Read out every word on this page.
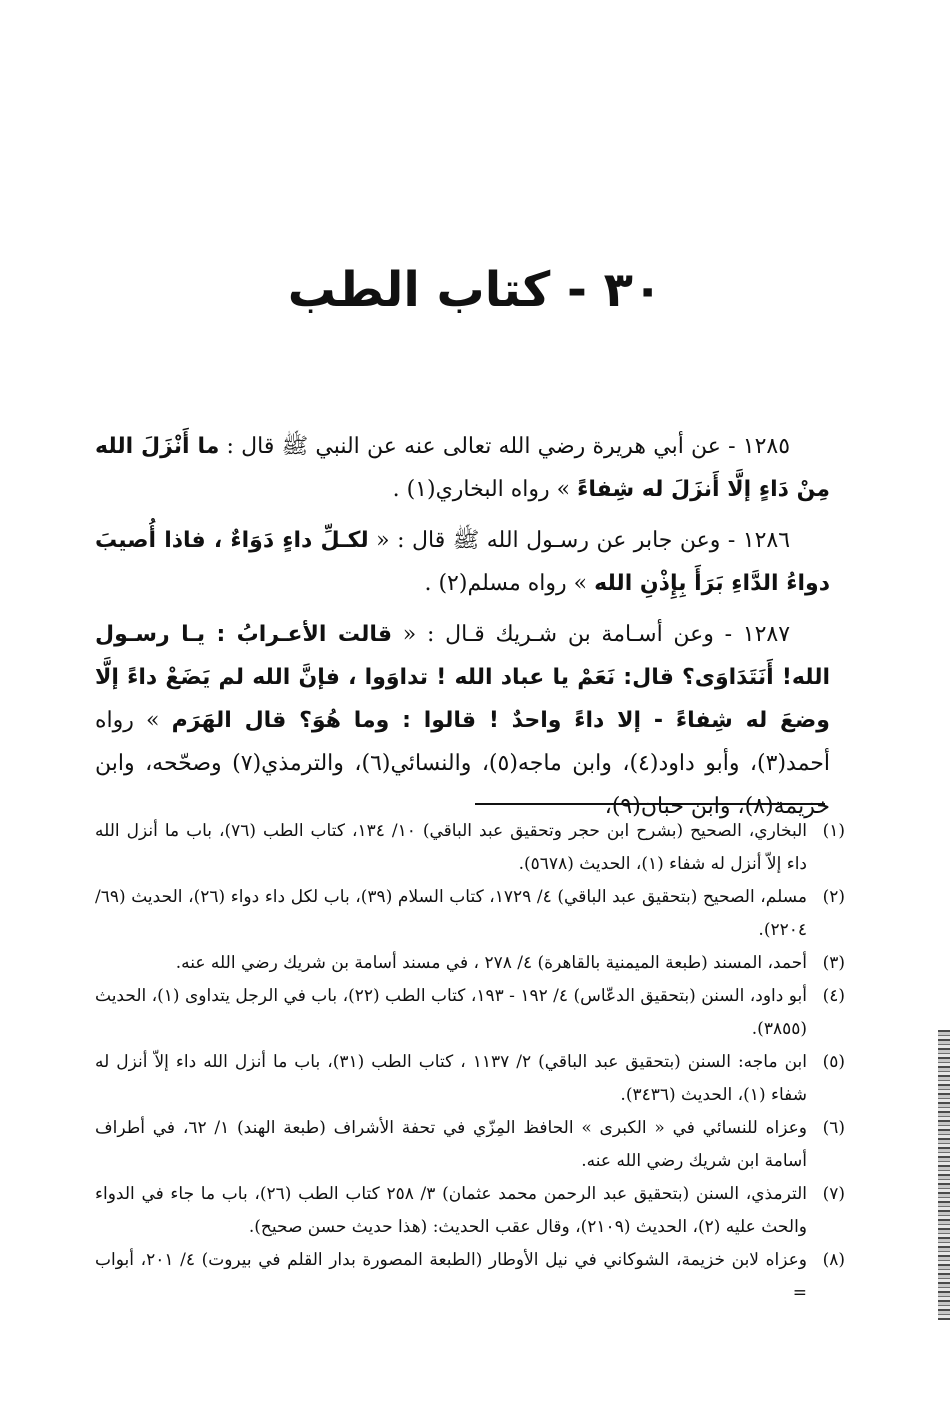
٣٠ - كتاب الطب

١٢٨٥ - عن أبي هريرة رضي الله تعالى عنه عن النبي ﷺ قال : ما أَنْزَلَ الله مِنْ دَاءٍ إلَّا أَنزَلَ له شِفاءً » رواه البخاري(١) .

١٢٨٦ - وعن جابر عن رسـول الله ﷺ قال : « لكـلِّ داءٍ دَوَاءٌ ، فاذا أُصيبَ دواءُ الدَّاءِ بَرَأَ بِإِذْنِ الله » رواه مسلم(٢) .

١٢٨٧ - وعن أسـامة بن شـريك قـال : « قالت الأعـرابُ : يـا رسـول الله! أَنَتَدَاوَى؟ قال: نَعَمْ يا عباد الله ! تداوَوا ، فإنَّ الله لم يَضَعْ داءً إلَّا وضعَ له شِفاءً - إلا داءً واحدٌ ! قالوا : وما هُوَ؟ قال الهَرَم » رواه أحمد(٣)، وأبو داود(٤)، وابن ماجه(٥)، والنسائي(٦)، والترمذي(٧) وصحّحه، وابن خزيمة(٨)، وابن حبان(٩)،

(١)
البخاري، الصحيح (بشرح ابن حجر وتحقيق عبد الباقي) ١٠/ ١٣٤، كتاب الطب (٧٦)، باب ما أنزل الله داء إلاّ أنزل له شفاء (١)، الحديث (٥٦٧٨).
(٢)
مسلم، الصحيح (بتحقيق عبد الباقي) ٤/ ١٧٢٩، كتاب السلام (٣٩)، باب لكل داء دواء (٢٦)، الحديث (٦٩/ ٢٢٠٤).
(٣)
أحمد، المسند (طبعة الميمنية بالقاهرة) ٤/ ٢٧٨ ، في مسند أسامة بن شريك رضي الله عنه.
(٤)
أبو داود، السنن (بتحقيق الدعّاس) ٤/ ١٩٢ - ١٩٣، كتاب الطب (٢٢)، باب في الرجل يتداوى (١)، الحديث (٣٨٥٥).
(٥)
ابن ماجه: السنن (بتحقيق عبد الباقي) ٢/ ١١٣٧ ، كتاب الطب (٣١)، باب ما أنزل الله داء إلاّ أنزل له شفاء (١)، الحديث (٣٤٣٦).
(٦)
وعزاه للنسائي في « الكبرى » الحافظ المِزّي في تحفة الأشراف (طبعة الهند) ١/ ٦٢، في أطراف أسامة ابن شريك رضي الله عنه.
(٧)
الترمذي، السنن (بتحقيق عبد الرحمن محمد عثمان) ٣/ ٢٥٨ كتاب الطب (٢٦)، باب ما جاء في الدواء والحث عليه (٢)، الحديث (٢١٠٩)، وقال عقب الحديث: (هذا حديث حسن صحيح).
(٨)
وعزاه لابن خزيمة، الشوكاني في نيل الأوطار (الطبعة المصورة بدار القلم في بيروت) ٤/ ٢٠١، أبواب =
